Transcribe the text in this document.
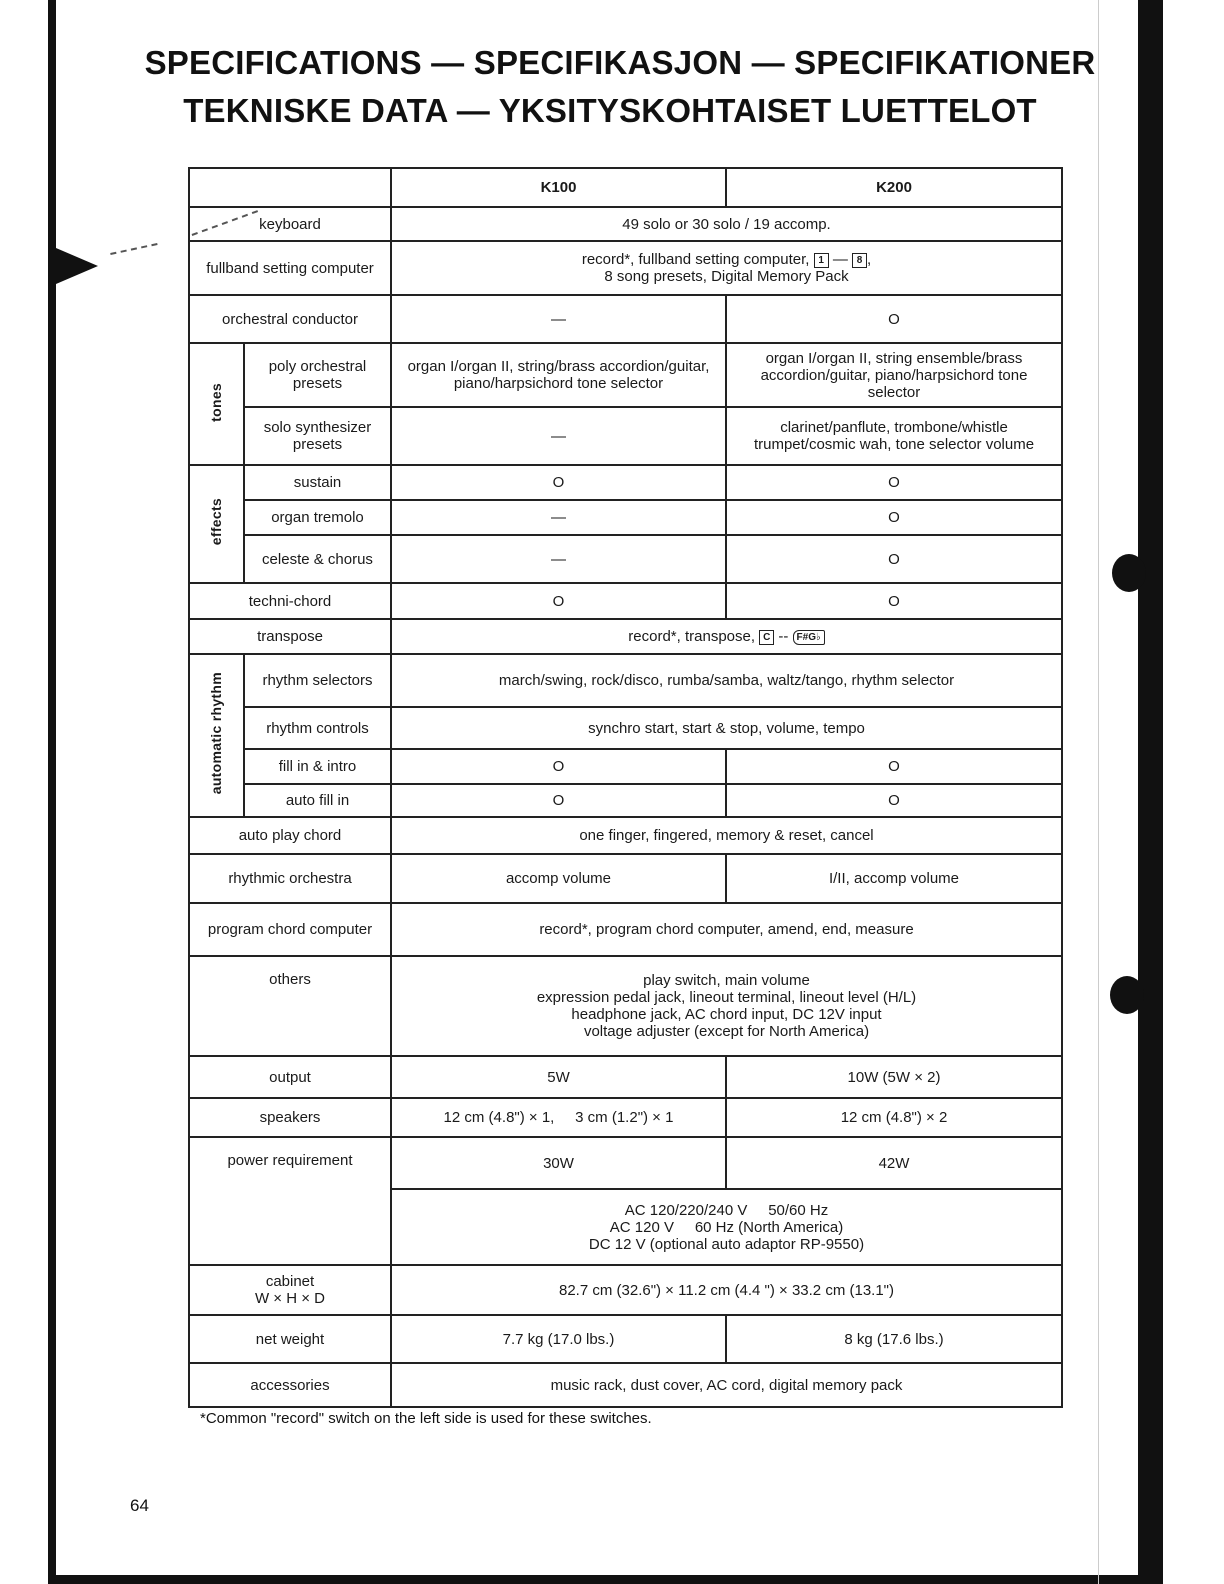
SPECIFICATIONS — SPECIFIKASJON — SPECIFIKATIONER
TEKNISKE DATA — YKSITYSKOHTAISET LUETTELOT
		K100	K200
keyboard		49 solo or 30 solo / 19 accomp.	
fullband setting computer		record*, fullband setting computer, 1 — 8 ,
8 song presets, Digital Memory Pack	
orchestral conductor		—	O
tones	poly orchestral presets	organ I/organ II, string/brass accordion/guitar, piano/harpsichord tone selector	organ I/organ II, string ensemble/brass accordion/guitar, piano/harpsichord tone selector
	solo synthesizer presets	—	clarinet/panflute, trombone/whistle trumpet/cosmic wah, tone selector volume
effects	sustain	O	O
	organ tremolo	—	O
	celeste & chorus	—	O
techni-chord		O	O
transpose		record*, transpose, C -- F#G♭	
automatic rhythm	rhythm selectors	march/swing, rock/disco, rumba/samba, waltz/tango, rhythm selector	
	rhythm controls	synchro start, start & stop, volume, tempo	
	fill in & intro	O	O
	auto fill in	O	O
auto play chord		one finger, fingered, memory & reset, cancel	
rhythmic orchestra		accomp volume	I/II, accomp volume
program chord computer		record*, program chord computer, amend, end, measure	
others		play switch, main volume
expression pedal jack, lineout terminal, lineout level (H/L)
headphone jack, AC chord input, DC 12V input
voltage adjuster (except for North America)	

output		5W	10W (5W × 2)
speakers		12 cm (4.8") × 1,     3 cm (1.2") × 1	12 cm (4.8") × 2
power requirement		30W	42W

		AC 120/220/240 V     50/60 Hz
AC 120 V     60 Hz (North America)
DC 12 V (optional auto adaptor RP-9550)	

cabinet
W × H × D		82.7 cm (32.6") × 11.2 cm (4.4 ") × 33.2 cm (13.1")	
net weight		7.7 kg (17.0 lbs.)	8 kg (17.6 lbs.)
accessories		music rack, dust cover, AC cord, digital memory pack	
*Common "record" switch on the left side is used for these switches.
64
